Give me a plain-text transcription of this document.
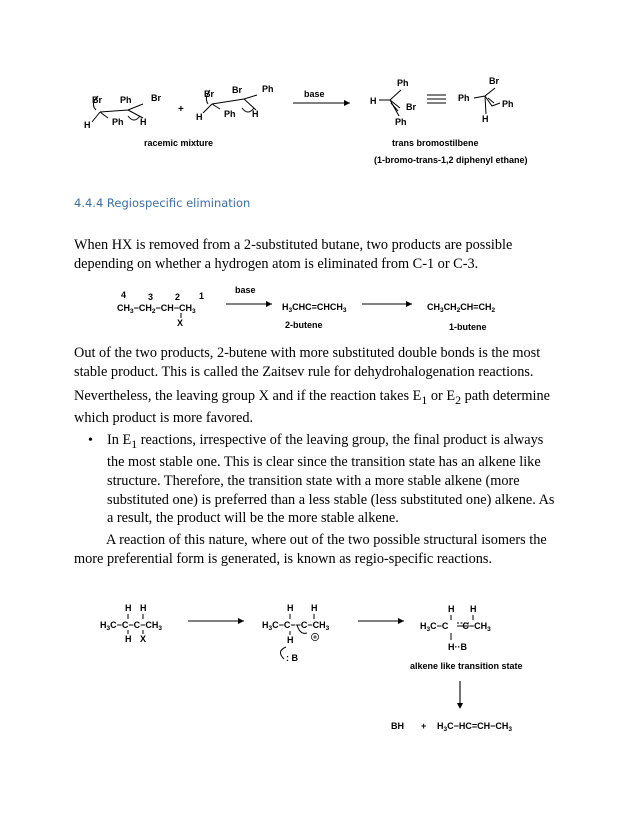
Br Ph Br
H Ph H
+
Br Br Ph
H Ph H
base
Ph
H
Br
Ph
Br
Ph
Ph
H
racemic mixture	trans bromostilbene
(1-bromo-trans-1,2 diphenyl ethane)
4.4.4 Regiospecific elimination

When HX is removed from a 2-substituted butane, two products are possible depending on whether a hydrogen atom is eliminated from C-1 or C-3.

4 3 2 1
$CH_3-CH_2-CH-CH_3$
X
base
$H_3CHC=CHCH_3$
2-butene
$CH_3CH_2CH=CH_2$
1-butene

Out of the two products, 2-butene with more substituted double bonds is the most stable product. This is called the Zaitsev rule for dehydrohalogenation reactions.

Nevertheless, the leaving group X and if the reaction takes $E_1$ or $E_2$ path determine which product is more favored.

• In $E_1$ reactions, irrespective of the leaving group, the final product is always the most stable one. This is clear since the transition state has an alkene like structure. Therefore, the transition state with a more stable alkene (more substituted one) is preferred than a less stable (less substituted one) alkene. As a result, the product will be the more stable alkene.

A reaction of this nature, where out of the two possible structural isomers the more preferential form is generated, is known as regio-specific reactions.

H H
$H_3C-C-C-CH_3$
H X
H H
$H_3C-C--C-CH_3$
H
: B
H H
$H_3C-C$ $C-CH_3$
H··B
alkene like transition state
BH + $H_3C-HC=CH-CH_3$
